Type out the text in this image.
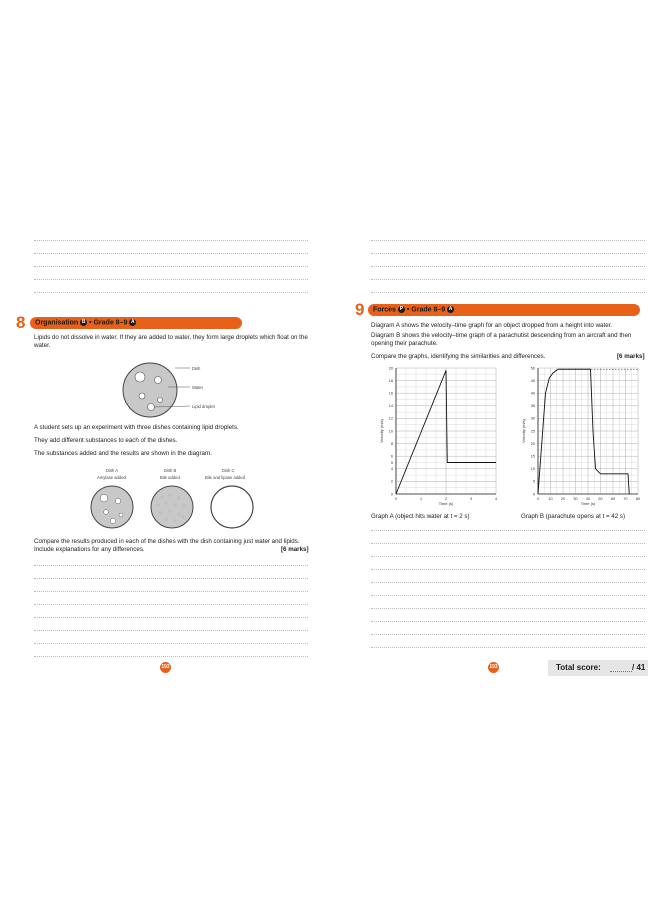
8 Organisation B • Grade 8–9 A
Lipids do not dissolve in water. If they are added to water, they form large droplets which float on the water.
Dish
Water
Lipid droplet
A student sets up an experiment with three dishes containing lipid droplets.
They add different substances to each of the dishes.
The substances added and the results are shown in the diagram.
Dish A
Amylase added
Dish B
Bile added
Dish C
Bile and lipase added
Compare the results produced in each of the dishes with the dish containing just water and lipids. Include explanations for any differences.	[6 marks]
192
9 Forces P • Grade 8–9 A
Diagram A shows the velocity–time graph for an object dropped from a height into water.
Diagram B shows the velocity–time graph of a parachutist descending from an aircraft and then opening their parachute.
Compare the graphs, identifying the similarities and differences.	[6 marks]
0	1	2	3	4
0
2
4
5
6
8
10
12
14
16
18
20
Time (s)
Velocity (m/s)
0 10 20 30 40 50 60 70 80
0
5
10
15
20
25
30
35
40
45
50
Time (s)
Velocity (m/s)
Graph A (object hits water at t = 2 s)	Graph B (parachute opens at t = 42 s)
193	Total score:	/ 41
